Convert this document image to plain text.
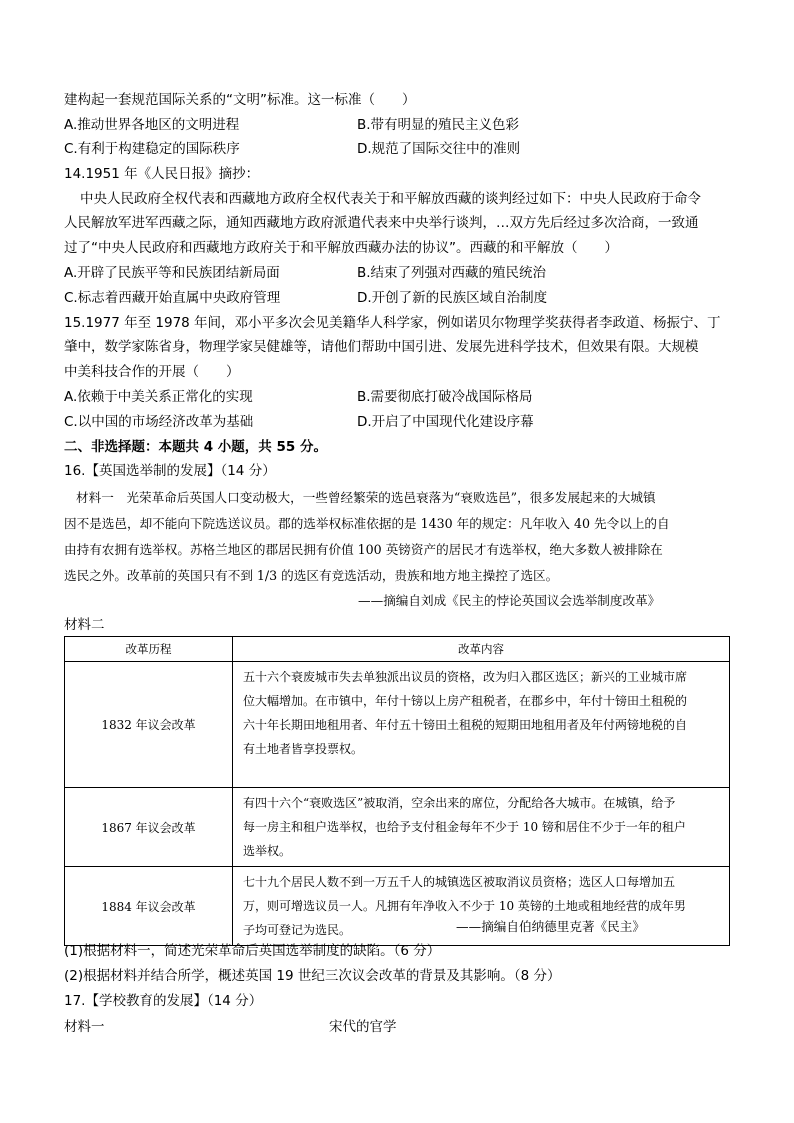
建构起一套规范国际关系的“文明”标准。这一标准（　　）
A.推动世界各地区的文明进程	B.带有明显的殖民主义色彩
C.有利于构建稳定的国际秩序	D.规范了国际交往中的准则
14.1951 年《人民日报》摘抄：
中央人民政府全权代表和西藏地方政府全权代表关于和平解放西藏的谈判经过如下：中央人民政府于命令
人民解放军进军西藏之际，通知西藏地方政府派遣代表来中央举行谈判，…双方先后经过多次洽商，一致通
过了“中央人民政府和西藏地方政府关于和平解放西藏办法的协议”。西藏的和平解放（　　）
A.开辟了民族平等和民族团结新局面	B.结束了列强对西藏的殖民统治
C.标志着西藏开始直属中央政府管理	D.开创了新的民族区域自治制度
15.1977 年至 1978 年间，邓小平多次会见美籍华人科学家，例如诺贝尔物理学奖获得者李政道、杨振宁、丁
肇中，数学家陈省身，物理学家吴健雄等，请他们帮助中国引进、发展先进科学技术，但效果有限。大规模
中美科技合作的开展（　　）
A.依赖于中美关系正常化的实现	B.需要彻底打破冷战国际格局
C.以中国的市场经济改革为基础	D.开启了中国现代化建设序幕
二、非选择题：本题共 4 小题，共 55 分。
16.【英国选举制的发展】（14 分）
材料一　光荣革命后英国人口变动极大，一些曾经繁荣的选邑衰落为“衰败选邑”，很多发展起来的大城镇
因不是选邑，却不能向下院选送议员。郡的选举权标准依据的是 1430 年的规定：凡年收入 40 先令以上的自
由持有农拥有选举权。苏格兰地区的郡居民拥有价值 100 英镑资产的居民才有选举权，绝大多数人被排除在
选民之外。改革前的英国只有不到 1/3 的选区有竞选活动，贵族和地方地主操控了选区。
——摘编自刘成《民主的悖论英国议会选举制度改革》
材料二
改革历程	改革内容
1832 年议会改革	五十六个衰废城市失去单独派出议员的资格，改为归入郡区选区；新兴的工业城市席
位大幅增加。在市镇中，年付十镑以上房产租税者，在郡乡中，年付十镑田土租税的
六十年长期田地租用者、年付五十镑田土租税的短期田地租用者及年付两镑地税的自
有土地者皆享投票权。

1867 年议会改革	有四十六个“衰败选区”被取消，空余出来的席位，分配给各大城市。在城镇，给予
每一房主和租户选举权，也给予支付租金每年不少于 10 镑和居住不少于一年的租户
选举权。

1884 年议会改革	七十九个居民人数不到一万五千人的城镇选区被取消议员资格；选区人口每增加五
万，则可增选议员一人。凡拥有年净收入不少于 10 英镑的土地或租地经营的成年男
子均可登记为选民。	——摘编自伯纳德里克著《民主》
(1)根据材料一，简述光荣革命后英国选举制度的缺陷。（6 分）
(2)根据材料并结合所学，概述英国 19 世纪三次议会改革的背景及其影响。（8 分）
17.【学校教育的发展】（14 分）
材料一	宋代的官学
